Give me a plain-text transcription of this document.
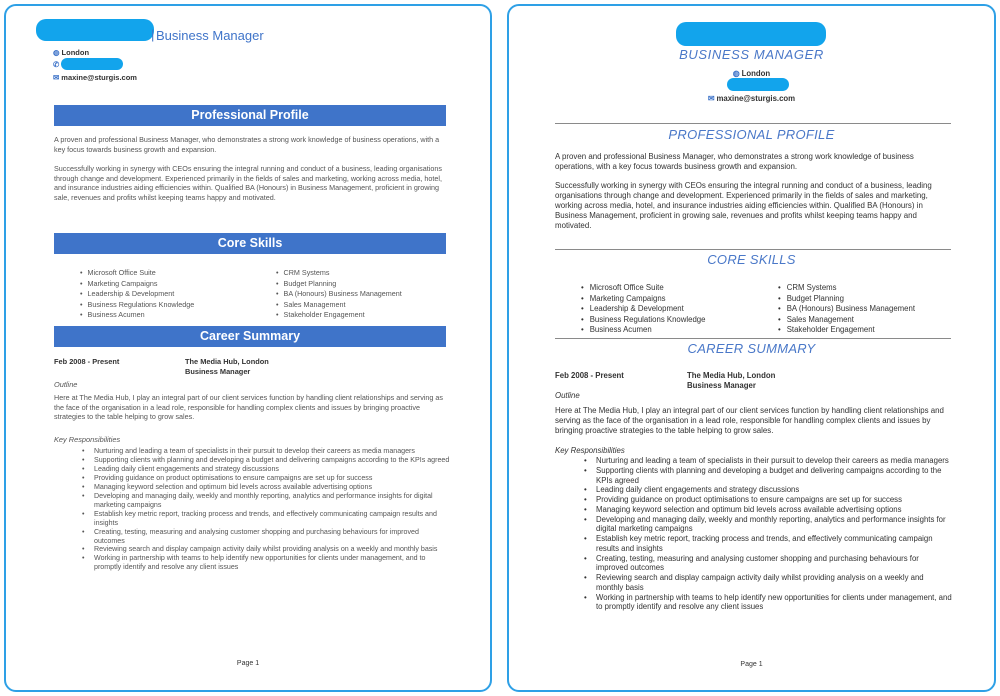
| Business Manager
◍ London
✆
✉ maxine@sturgis.com
Professional Profile

A proven and professional Business Manager, who demonstrates a strong work knowledge of business operations, with a key focus towards business growth and expansion.

Successfully working in synergy with CEOs ensuring the integral running and conduct of a business, leading organisations through change and development. Experienced primarily in the fields of sales and marketing, working across media, hotel, and insurance industries aiding efficiencies within. Qualified BA (Honours) in Business Management, proficient in growing sale, revenues and profits whilst keeping teams happy and motivated.

Core Skills
• Microsoft Office Suite
• Marketing Campaigns
• Leadership & Development
• Business Regulations Knowledge
• Business Acumen
• CRM Systems
• Budget Planning
• BA (Honours) Business Management
• Sales Management
• Stakeholder Engagement
Career Summary
Feb 2008 - Present	The Media Hub, London
Business Manager
Outline

Here at The Media Hub, I play an integral part of our client services function by handling client relationships and serving as the face of the organisation in a lead role, responsible for handling complex clients and issues by bringing proactive strategies to the table helping to grow sales.

Key Responsibilities
• Nurturing and leading a team of specialists in their pursuit to develop their careers as media managers
• Supporting clients with planning and developing a budget and delivering campaigns according to the KPIs agreed
• Leading daily client engagements and strategy discussions
• Providing guidance on product optimisations to ensure campaigns are set up for success
• Managing keyword selection and optimum bid levels across available advertising options
• Developing and managing daily, weekly and monthly reporting, analytics and performance insights for digital marketing campaigns
• Establish key metric report, tracking process and trends, and effectively communicating campaign results and insights
• Creating, testing, measuring and analysing customer shopping and purchasing behaviours for improved outcomes
• Reviewing search and display campaign activity daily whilst providing analysis on a weekly and monthly basis
• Working in partnership with teams to help identify new opportunities for clients under management, and to promptly identify and resolve any client issues
Page 1
BUSINESS MANAGER
◍ London
✉ maxine@sturgis.com
PROFESSIONAL PROFILE

A proven and professional Business Manager, who demonstrates a strong work knowledge of business operations, with a key focus towards business growth and expansion.

Successfully working in synergy with CEOs ensuring the integral running and conduct of a business, leading organisations through change and development. Experienced primarily in the fields of sales and marketing, working across media, hotel, and insurance industries aiding efficiencies within. Qualified BA (Honours) in Business Management, proficient in growing sale, revenues and profits whilst keeping teams happy and motivated.

CORE SKILLS
• Microsoft Office Suite
• Marketing Campaigns
• Leadership & Development
• Business Regulations Knowledge
• Business Acumen
• CRM Systems
• Budget Planning
• BA (Honours) Business Management
• Sales Management
• Stakeholder Engagement
CAREER SUMMARY
Feb 2008 - Present	The Media Hub, London
Business Manager
Outline

Here at The Media Hub, I play an integral part of our client services function by handling client relationships and serving as the face of the organisation in a lead role, responsible for handling complex clients and issues by bringing proactive strategies to the table helping to grow sales.

Key Responsibilities
• Nurturing and leading a team of specialists in their pursuit to develop their careers as media managers
• Supporting clients with planning and developing a budget and delivering campaigns according to the KPIs agreed
• Leading daily client engagements and strategy discussions
• Providing guidance on product optimisations to ensure campaigns are set up for success
• Managing keyword selection and optimum bid levels across available advertising options
• Developing and managing daily, weekly and monthly reporting, analytics and performance insights for digital marketing campaigns
• Establish key metric report, tracking process and trends, and effectively communicating campaign results and insights
• Creating, testing, measuring and analysing customer shopping and purchasing behaviours for improved outcomes
• Reviewing search and display campaign activity daily whilst providing analysis on a weekly and monthly basis
• Working in partnership with teams to help identify new opportunities for clients under management, and to promptly identify and resolve any client issues
Page 1
